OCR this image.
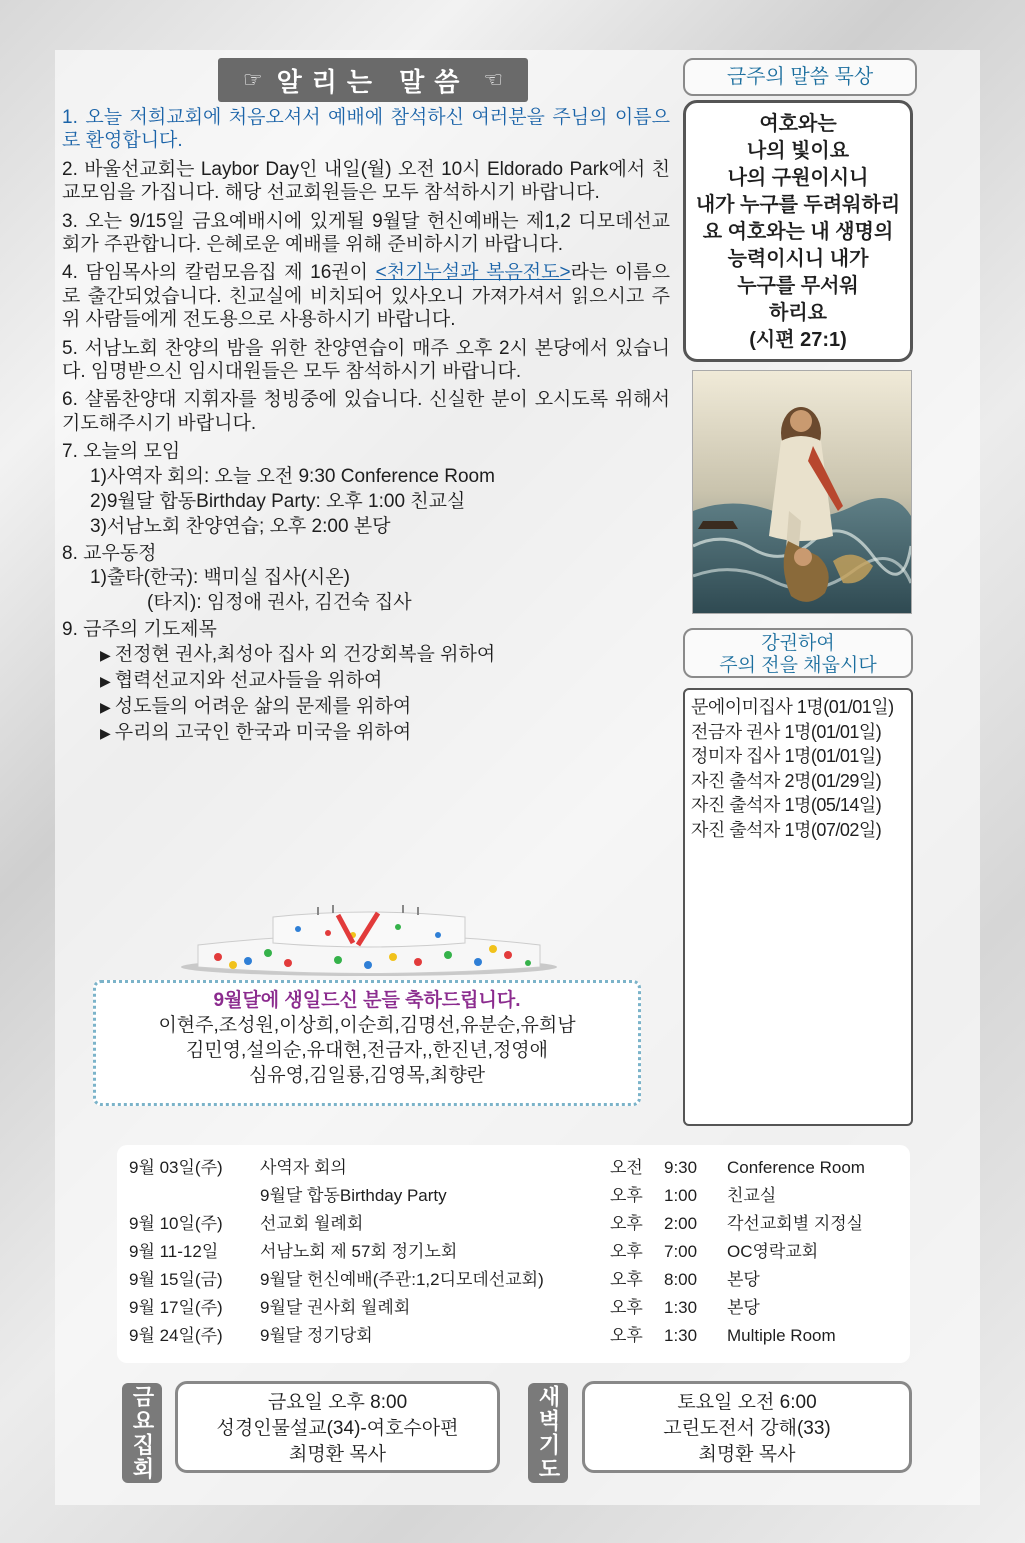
☞ 알리는 말씀 ☜
1. 오늘 저희교회에 처음오셔서 예배에 참석하신 여러분을 주님의 이름으로 환영합니다.
2. 바울선교회는 Laybor Day인 내일(월) 오전 10시 Eldorado Park에서 친교모임을 가집니다. 해당 선교회원들은 모두 참석하시기 바랍니다.
3. 오는 9/15일 금요예배시에 있게될 9월달 헌신예배는 제1,2 디모데선교회가 주관합니다. 은혜로운 예배를 위해 준비하시기 바랍니다.
4. 담임목사의 칼럼모음집 제 16권이 <천기누설과 복음전도>라는 이름으로 출간되었습니다. 친교실에 비치되어 있사오니 가져가셔서 읽으시고 주위 사람들에게 전도용으로 사용하시기 바랍니다.
5. 서남노회 찬양의 밤을 위한 찬양연습이 매주 오후 2시 본당에서 있습니다. 임명받으신 임시대원들은 모두 참석하시기 바랍니다.
6. 샬롬찬양대 지휘자를 청빙중에 있습니다. 신실한 분이 오시도록 위해서 기도해주시기 바랍니다.
7. 오늘의 모임
1)사역자 회의: 오늘 오전 9:30 Conference Room
2)9월달 합동Birthday Party: 오후 1:00 친교실
3)서남노회 찬양연습; 오후 2:00 본당
8. 교우동정
1)출타(한국): 백미실 집사(시온)
(타지): 임정애 권사, 김건숙 집사
9. 금주의 기도제목
▶ 전정현 권사,최성아 집사 외 건강회복을 위하여
▶ 협력선교지와 선교사들을 위하여
▶ 성도들의 어려운 삶의 문제를 위하여
▶ 우리의 고국인 한국과 미국을 위하여
금주의 말씀 묵상
여호와는
나의 빛이요
나의 구원이시니
내가 누구를 두려워하리
요 여호와는 내 생명의
능력이시니 내가
누구를 무서워
하리요
(시편 27:1)
강권하여
주의 전을 채웁시다
문에이미집사 1명(01/01일)
전금자 권사 1명(01/01일)
정미자 집사 1명(01/01일)
자진 출석자 2명(01/29일)
자진 출석자 1명(05/14일)
자진 출석자 1명(07/02일)
9월달에 생일드신 분들 축하드립니다.
이현주,조성원,이상희,이순희,김명선,유분순,유희남
김민영,설의순,유대현,전금자,,한진년,정영애
심유영,김일룡,김영목,최향란
9월 03일(주) 사역자 회의	오전 9:30 Conference Room
9월달 합동Birthday Party	오후 1:00 친교실
9월 10일(주) 선교회 월례회	오후 2:00 각선교회별 지정실
9월 11-12일 서남노회 제 57회 정기노회	오후 7:00 OC영락교회
9월 15일(금) 9월달 헌신예배(주관:1,2디모데선교회)	오후 8:00 본당
9월 17일(주) 9월달 권사회 월례회	오후 1:30 본당
9월 24일(주) 9월달 정기당회	오후 1:30 Multiple Room
금요집회	금요일 오후 8:00
성경인물설교(34)-여호수아편
최명환 목사	새벽기도	토요일 오전 6:00
고린도전서 강해(33)
최명환 목사
